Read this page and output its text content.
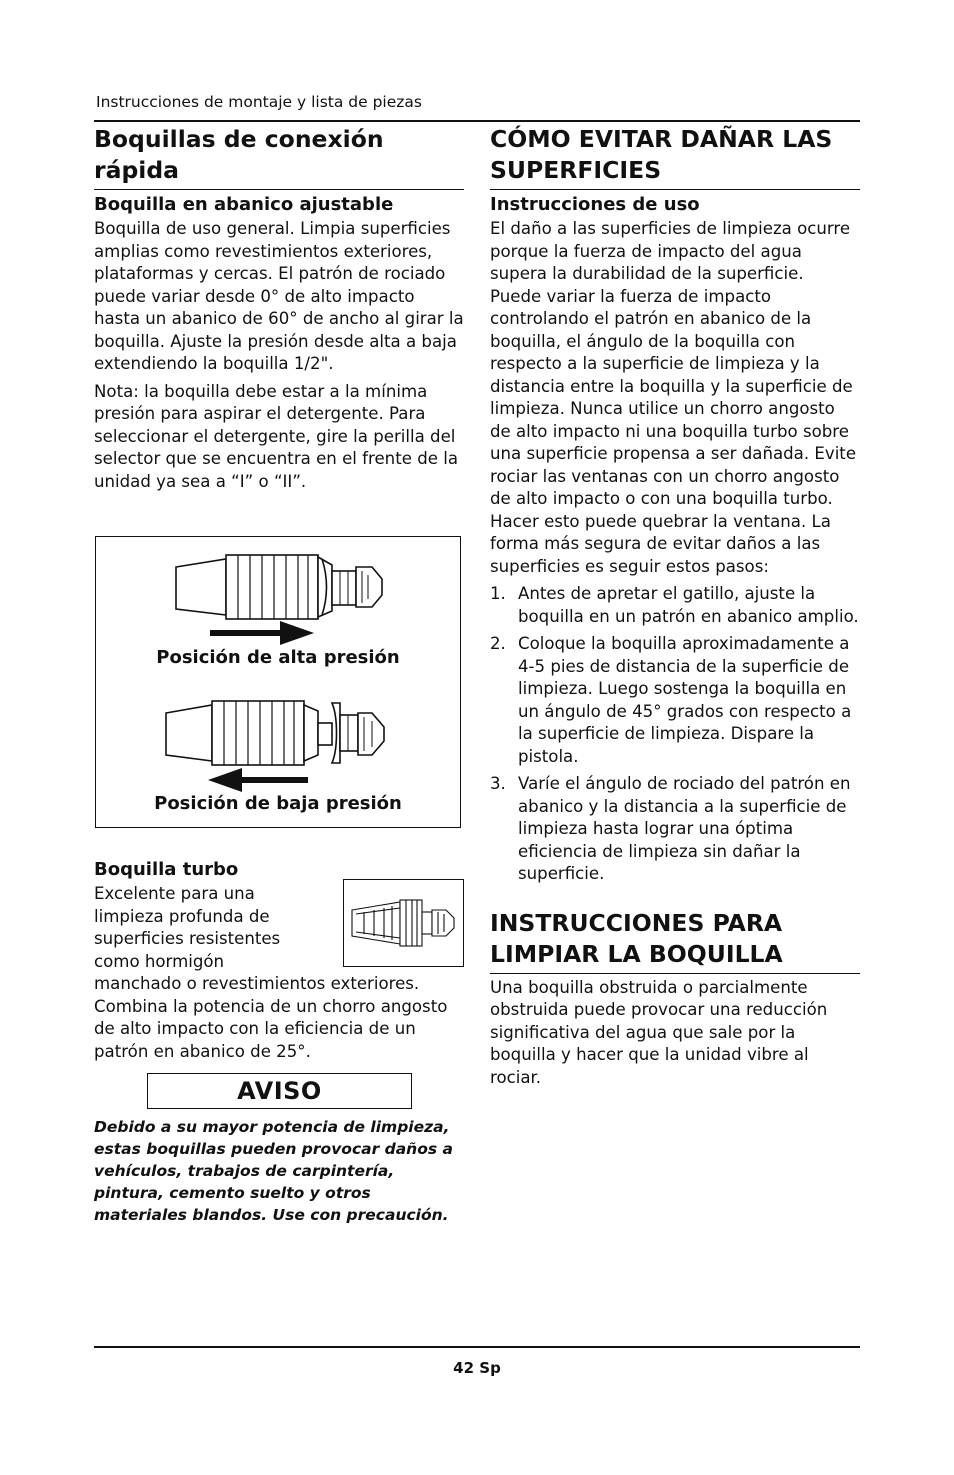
Instrucciones de montaje y lista de piezas
Boquillas de conexión rápida
Boquilla en abanico ajustable

Boquilla de uso general. Limpia superficies amplias como revestimientos exteriores, plataformas y cercas. El patrón de rociado puede variar desde 0° de alto impacto hasta un abanico de 60° de ancho al girar la boquilla. Ajuste la presión desde alta a baja extendiendo la boquilla 1/2".

Nota: la boquilla debe estar a la mínima presión para aspirar el detergente. Para seleccionar el detergente, gire la perilla del selector que se encuentra en el frente de la unidad ya sea a “I” o “II”.

Posición de alta presión
Posición de baja presión
Boquilla turbo
Excelente para una
limpieza profunda de
superficies resistentes
como hormigón

manchado o revestimientos exteriores. Combina la potencia de un chorro angosto de alto impacto con la eficiencia de un patrón en abanico de 25°.

AVISO
Debido a su mayor potencia de limpieza, estas boquillas pueden provocar daños a vehículos, trabajos de carpintería, pintura, cemento suelto y otros materiales blandos. Use con precaución.
CÓMO EVITAR DAÑAR LAS SUPERFICIES
Instrucciones de uso

El daño a las superficies de limpieza ocurre porque la fuerza de impacto del agua supera la durabilidad de la superficie. Puede variar la fuerza de impacto controlando el patrón en abanico de la boquilla, el ángulo de la boquilla con respecto a la superficie de limpieza y la distancia entre la boquilla y la superficie de limpieza. Nunca utilice un chorro angosto de alto impacto ni una boquilla turbo sobre una superficie propensa a ser dañada. Evite rociar las ventanas con un chorro angosto de alto impacto o con una boquilla turbo. Hacer esto puede quebrar la ventana. La forma más segura de evitar daños a las superficies es seguir estos pasos:

1. Antes de apretar el gatillo, ajuste la boquilla en un patrón en abanico amplio.
2. Coloque la boquilla aproximadamente a 4-5 pies de distancia de la superficie de limpieza. Luego sostenga la boquilla en un ángulo de 45° grados con respecto a la superficie de limpieza. Dispare la pistola.
3. Varíe el ángulo de rociado del patrón en abanico y la distancia a la superficie de limpieza hasta lograr una óptima eficiencia de limpieza sin dañar la superficie.
INSTRUCCIONES PARA LIMPIAR LA BOQUILLA

Una boquilla obstruida o parcialmente obstruida puede provocar una reducción significativa del agua que sale por la boquilla y hacer que la unidad vibre al rociar.

42 Sp
